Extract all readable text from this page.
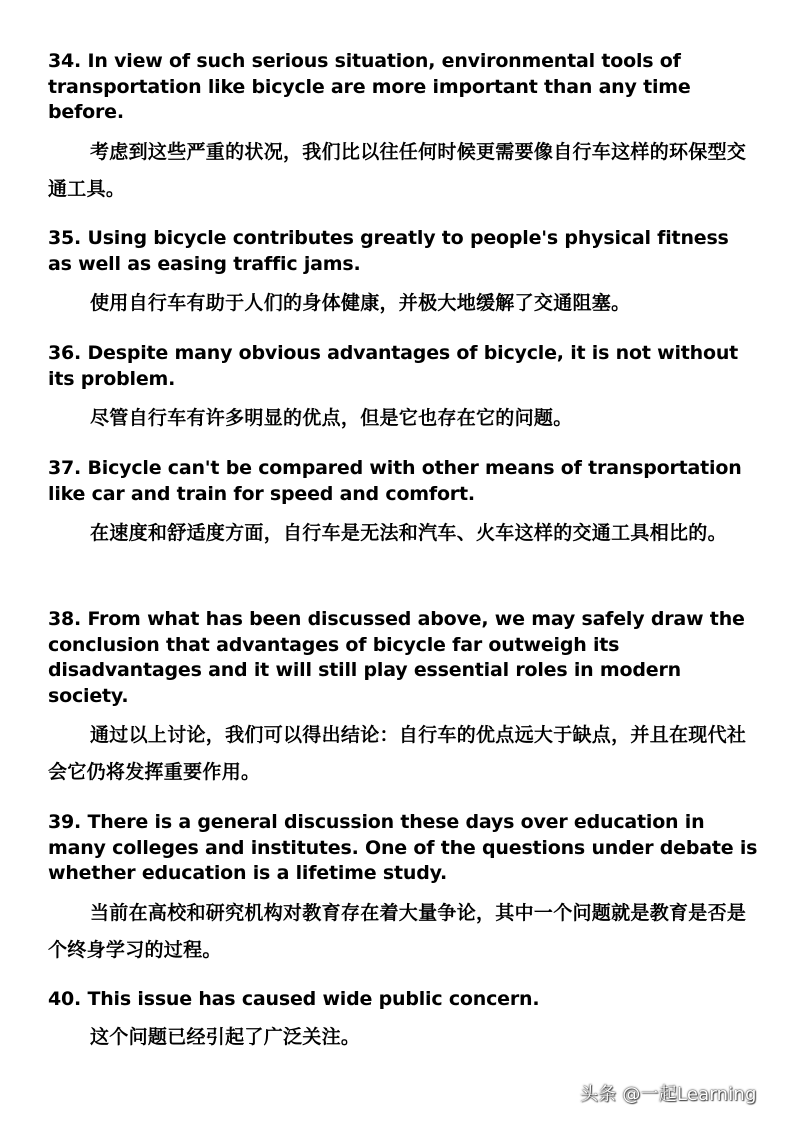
34. In view of such serious situation, environmental tools of transportation like bicycle are more important than any time before.

考虑到这些严重的状况，我们比以往任何时候更需要像自行车这样的环保型交通工具。

35. Using bicycle contributes greatly to people's physical fitness as well as easing traffic jams.

使用自行车有助于人们的身体健康，并极大地缓解了交通阻塞。

36. Despite many obvious advantages of bicycle, it is not without its problem.

尽管自行车有许多明显的优点，但是它也存在它的问题。

37. Bicycle can't be compared with other means of transportation like car and train for speed and comfort.

在速度和舒适度方面，自行车是无法和汽车、火车这样的交通工具相比的。

38. From what has been discussed above, we may safely draw the conclusion that advantages of bicycle far outweigh its disadvantages and it will still play essential roles in modern society.

通过以上讨论，我们可以得出结论：自行车的优点远大于缺点，并且在现代社会它仍将发挥重要作用。

39. There is a general discussion these days over education in many colleges and institutes. One of the questions under debate is whether education is a lifetime study.

当前在高校和研究机构对教育存在着大量争论，其中一个问题就是教育是否是个终身学习的过程。

40. This issue has caused wide public concern.

这个问题已经引起了广泛关注。

头条 @一起Learning
